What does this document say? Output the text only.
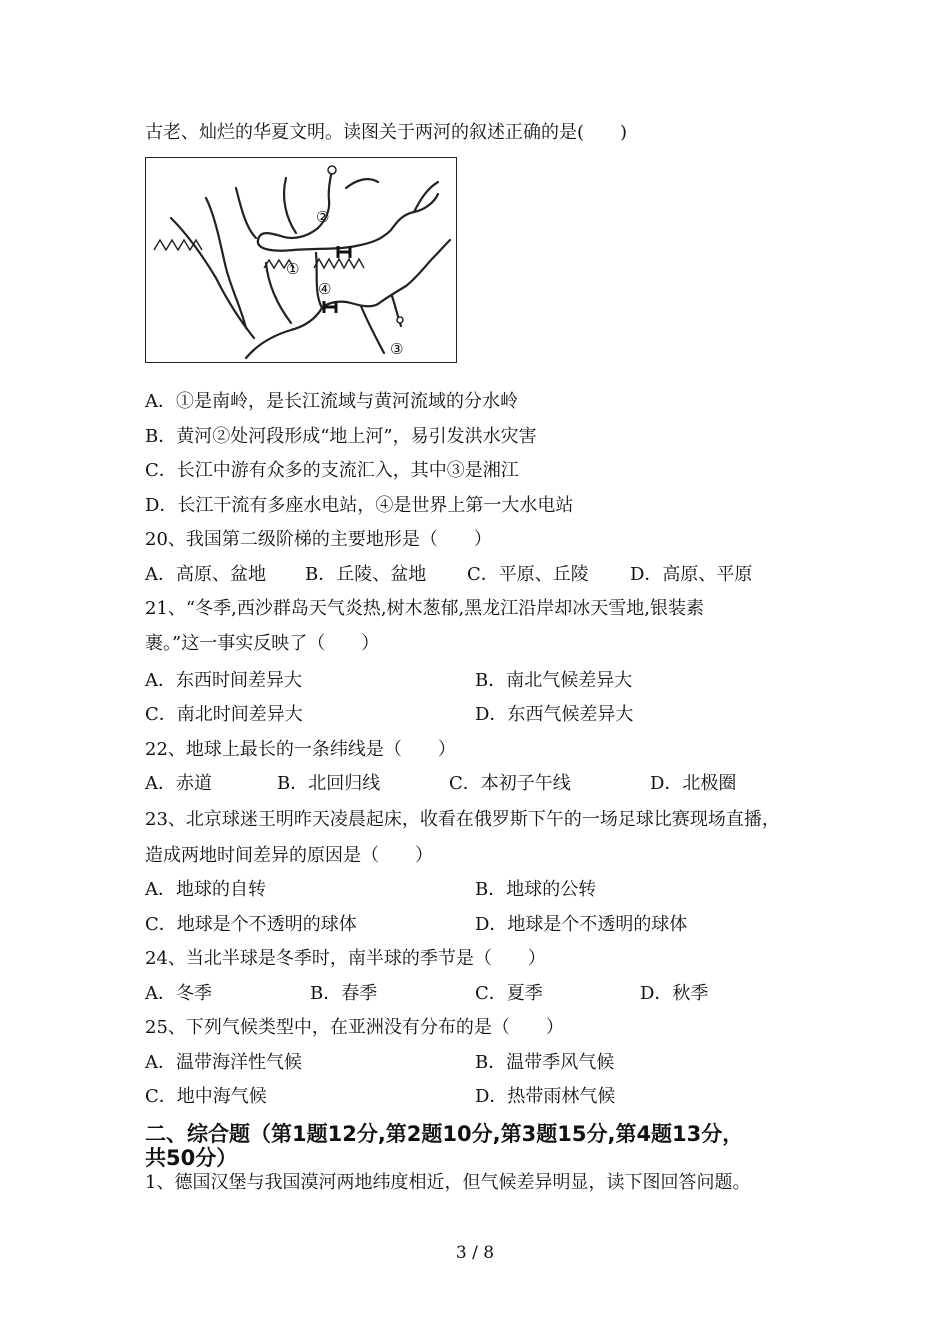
古老、灿烂的华夏文明。读图关于两河的叙述正确的是(　　)
①
②
③
④
A．①是南岭，是长江流域与黄河流域的分水岭
B．黄河②处河段形成“地上河”，易引发洪水灾害
C．长江中游有众多的支流汇入，其中③是湘江
D．长江干流有多座水电站，④是世界上第一大水电站
20、我国第二级阶梯的主要地形是（　　）
A．高原、盆地 B．丘陵、盆地 C．平原、丘陵 D．高原、平原
21、“冬季,西沙群岛天气炎热,树木葱郁,黑龙江沿岸却冰天雪地,银装素
裹。”这一事实反映了（　　）
A．东西时间差异大	B．南北气候差异大
C．南北时间差异大	D．东西气候差异大
22、地球上最长的一条纬线是（　　）
A．赤道	B．北回归线	C．本初子午线	D．北极圈
23、北京球迷王明昨天凌晨起床，收看在俄罗斯下午的一场足球比赛现场直播，
造成两地时间差异的原因是（　　）
A．地球的自转	B．地球的公转
C．地球是个不透明的球体	D．地球是个不透明的球体
24、当北半球是冬季时，南半球的季节是（　　）
A．冬季	B．春季	C．夏季	D．秋季
25、下列气候类型中，在亚洲没有分布的是（　　）
A．温带海洋性气候	B．温带季风气候
C．地中海气候	D．热带雨林气候
二、综合题（第1题12分,第2题10分,第3题15分,第4题13分，
共50分）
1、德国汉堡与我国漠河两地纬度相近，但气候差异明显，读下图回答问题。
3 / 8
